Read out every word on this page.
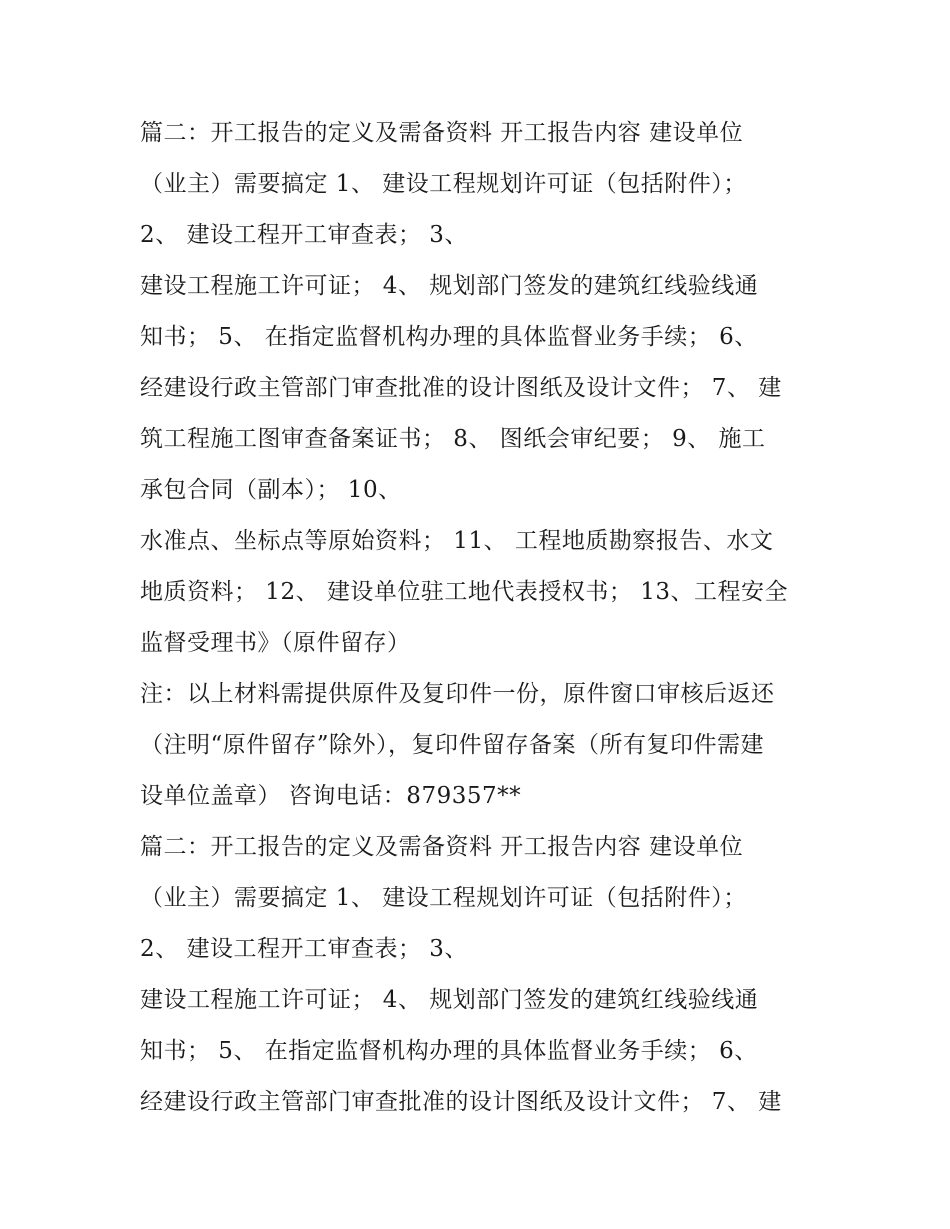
篇二：开工报告的定义及需备资料 开工报告内容 建设单位
（业主）需要搞定 1、 建设工程规划许可证（包括附件）；
2、 建设工程开工审查表； 3、
建设工程施工许可证； 4、 规划部门签发的建筑红线验线通
知书； 5、 在指定监督机构办理的具体监督业务手续； 6、
经建设行政主管部门审查批准的设计图纸及设计文件； 7、 建
筑工程施工图审查备案证书； 8、 图纸会审纪要； 9、 施工
承包合同（副本）； 10、
水准点、坐标点等原始资料； 11、 工程地质勘察报告、水文
地质资料； 12、 建设单位驻工地代表授权书； 13、工程安全
监督受理书》（原件留存）
注：以上材料需提供原件及复印件一份，原件窗口审核后返还
（注明“原件留存”除外），复印件留存备案（所有复印件需建
设单位盖章） 咨询电话：879357**
篇二：开工报告的定义及需备资料 开工报告内容 建设单位
（业主）需要搞定 1、 建设工程规划许可证（包括附件）；
2、 建设工程开工审查表； 3、
建设工程施工许可证； 4、 规划部门签发的建筑红线验线通
知书； 5、 在指定监督机构办理的具体监督业务手续； 6、
经建设行政主管部门审查批准的设计图纸及设计文件； 7、 建
